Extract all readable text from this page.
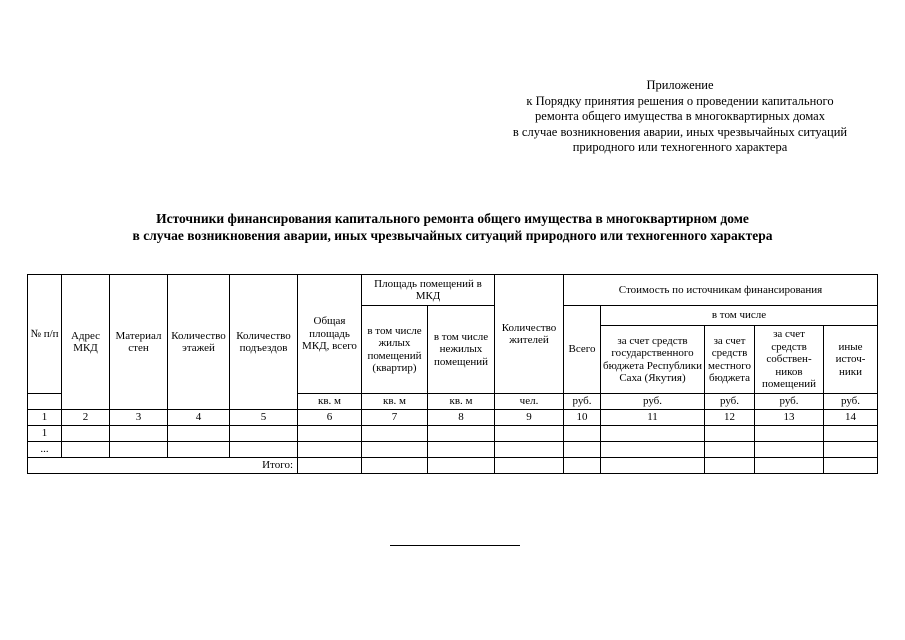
Приложение
к Порядку принятия решения о проведении капитального
ремонта общего имущества в многоквартирных домах
в случае возникновения аварии, иных чрезвычайных ситуаций
природного или техногенного характера
Источники финансирования капитального ремонта общего имущества в многоквартирном доме
в случае возникновения аварии, иных чрезвычайных ситуаций природного или техногенного характера
№ п/п	Адрес МКД	Материал стен	Количество этажей	Количество подъездов	Общая площадь МКД, всего	Площадь помещений в МКД		Количество жителей	Стоимость по источникам финансирования				
						в том числе жилых помещений (квартир)	в том числе нежилых помещений		Всего	в том числе			
										за счет средств государственного бюджета Республики Саха (Якутия)	за счет средств местного бюджета	за счет средств собствен-ников помещений	иные источ-ники
					кв. м	кв. м	кв. м	чел.	руб.	руб.	руб.	руб.	руб.
1	2	3	4	5	6	7	8	9	10	11	12	13	14
1													
...													
Итого:													
